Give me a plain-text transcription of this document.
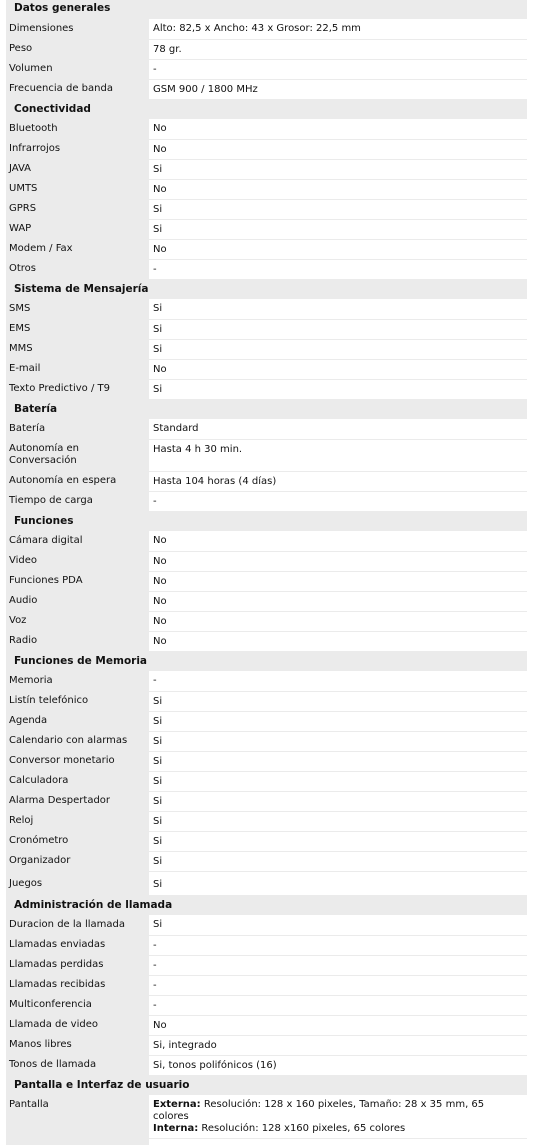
Datos generales	
Dimensiones	Alto: 82,5 x Ancho: 43 x Grosor: 22,5 mm
Peso	78 gr.
Volumen	-
Frecuencia de banda	GSM 900 / 1800 MHz
Conectividad	
Bluetooth	No
Infrarrojos	No
JAVA	Si
UMTS	No
GPRS	Si
WAP	Si
Modem / Fax	No
Otros	-
Sistema de Mensajería	
SMS	Si
EMS	Si
MMS	Si
E-mail	No
Texto Predictivo / T9	Si
Batería	
Batería	Standard
Autonomía en Conversación	Hasta 4 h 30 min.
Autonomía en espera	Hasta 104 horas (4 días)
Tiempo de carga	-
Funciones	
Cámara digital	No
Video	No
Funciones PDA	No
Audio	No
Voz	No
Radio	No
Funciones de Memoria	
Memoria	-
Listín telefónico	Si
Agenda	Si
Calendario con alarmas	Si
Conversor monetario	Si
Calculadora	Si
Alarma Despertador	Si
Reloj	Si
Cronómetro	Si
Organizador	Si
Juegos	Si
Administración de llamada	
Duracion de la llamada	Si
Llamadas enviadas	-
Llamadas perdidas	-
Llamadas recibidas	-
Multiconferencia	-
Llamada de video	No
Manos libres	Si, integrado
Tonos de llamada	Si, tonos polifónicos (16)
Pantalla e Interfaz de usuario	
Pantalla	Externa: Resolución: 128 x 160 pixeles, Tamaño: 28 x 35 mm, 65 colores
Interna: Resolución: 128 x160 pixeles, 65 colores
